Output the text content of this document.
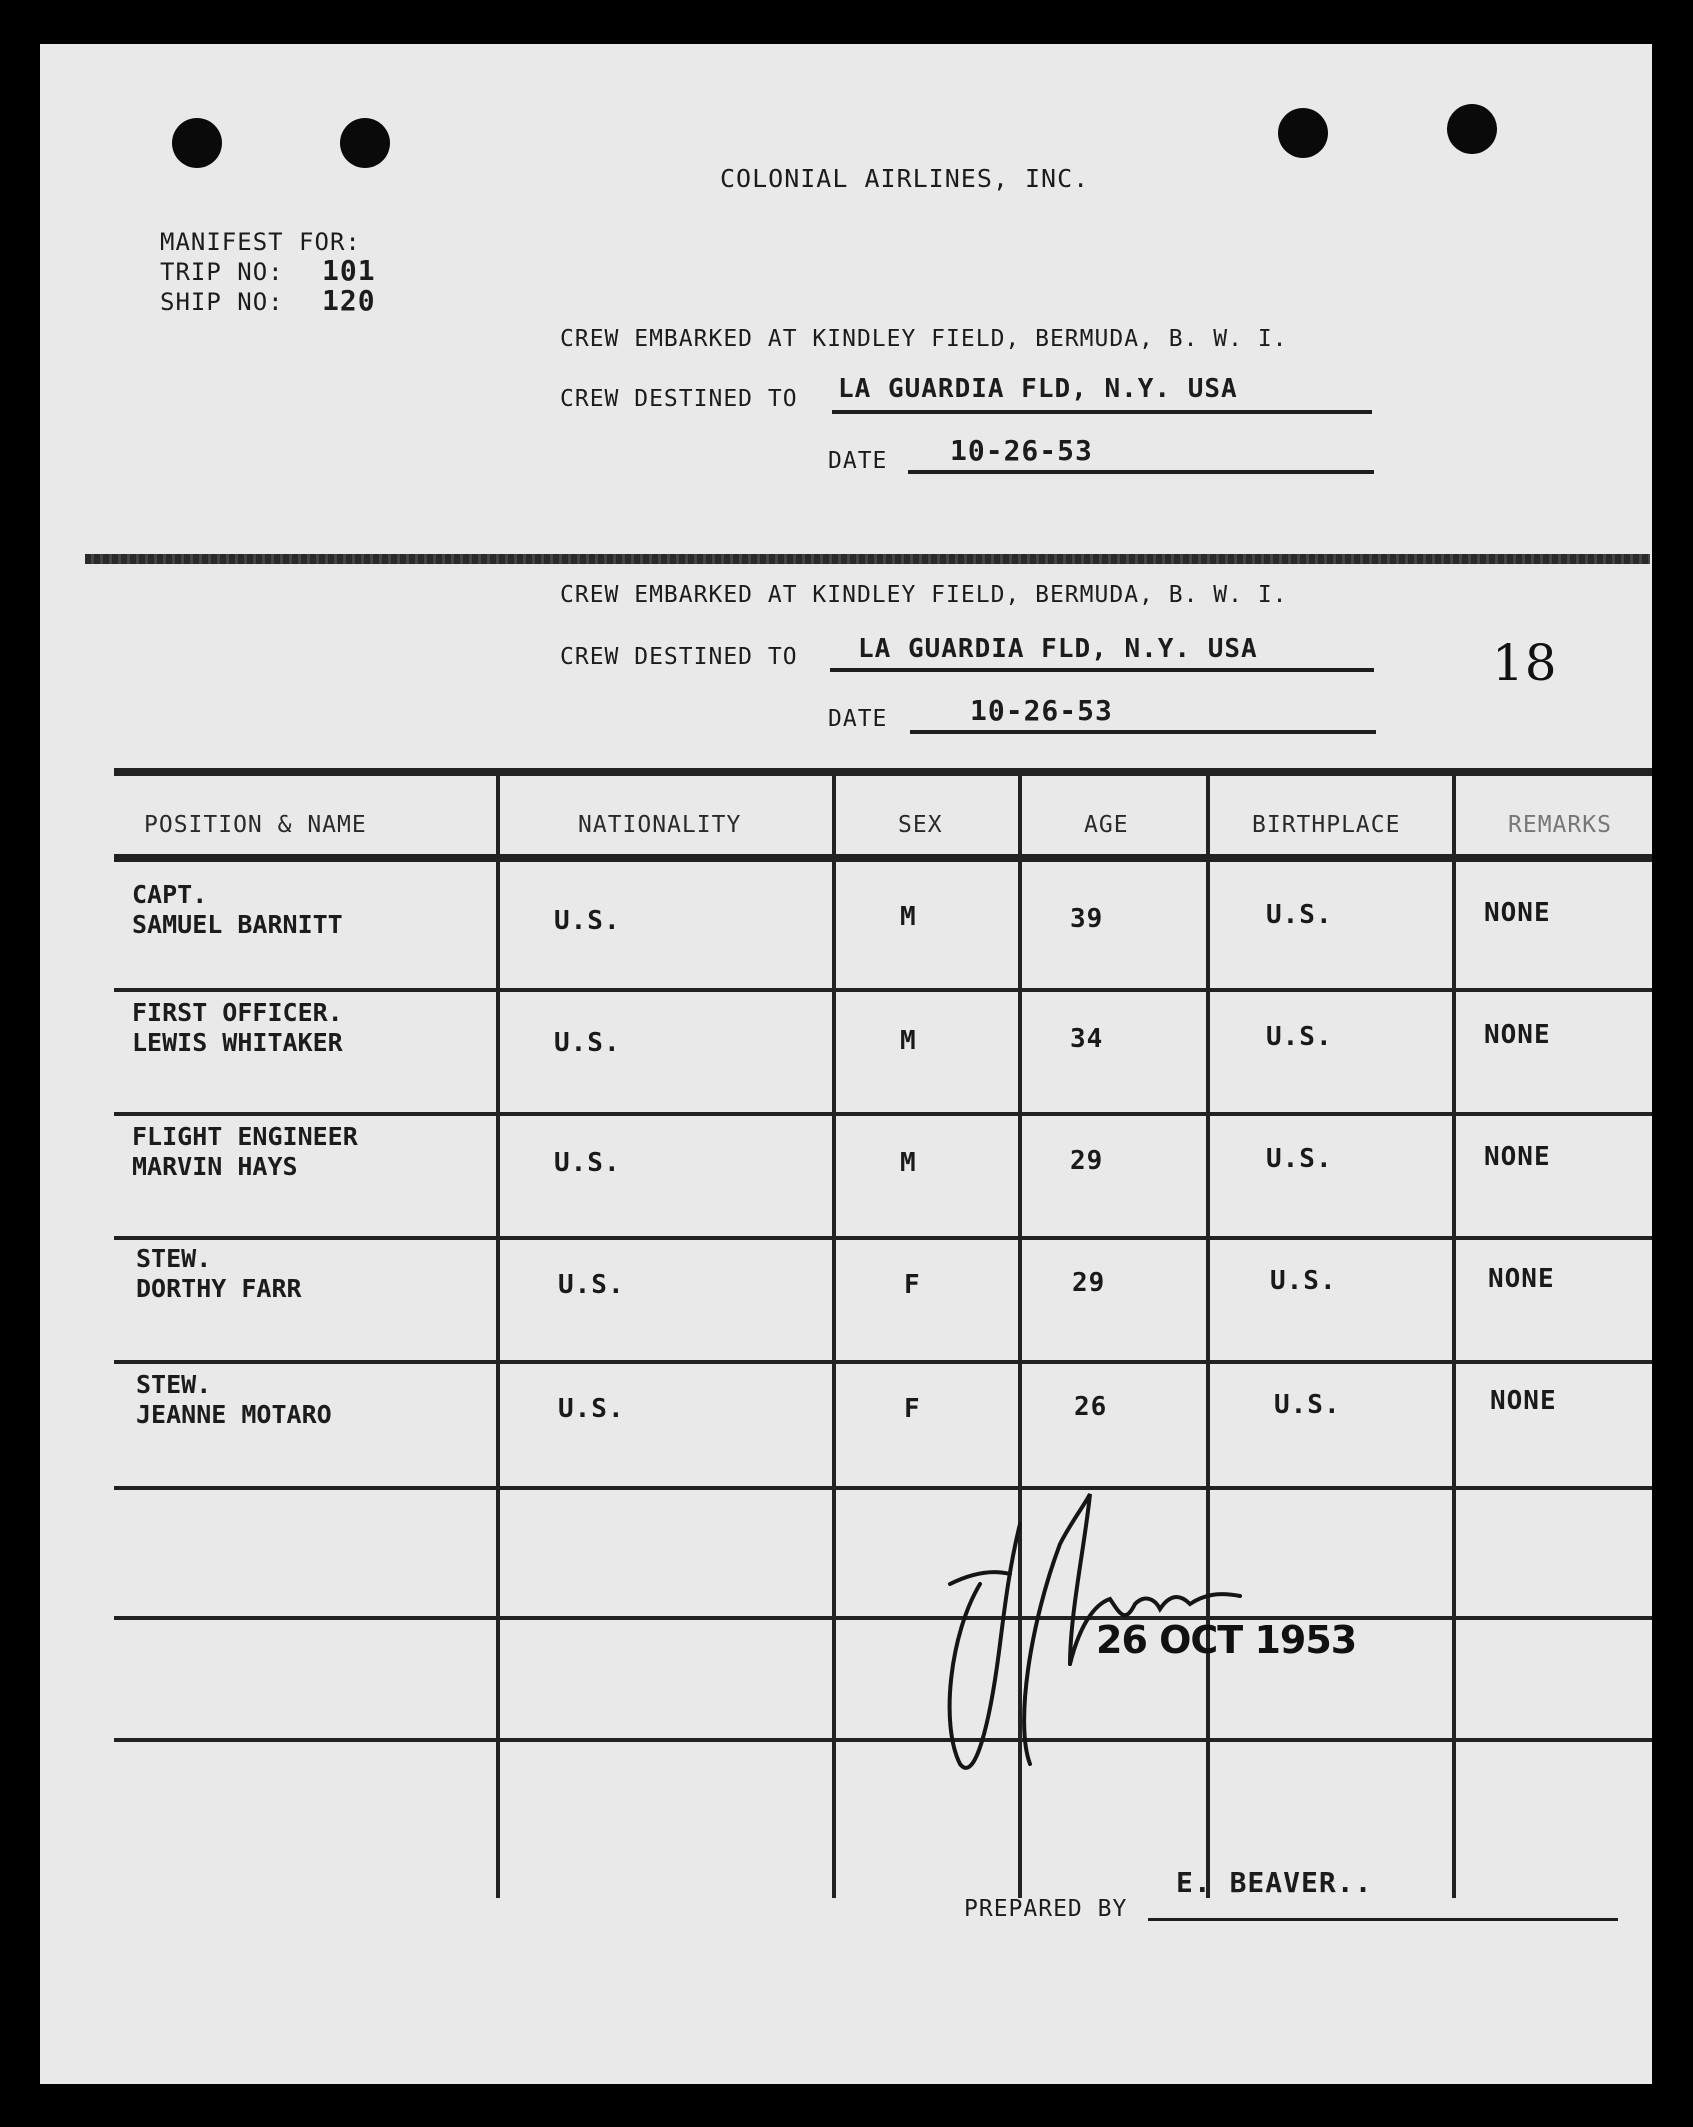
COLONIAL AIRLINES, INC.
MANIFEST FOR:
TRIP NO: 101
SHIP NO: 120
CREW EMBARKED AT KINDLEY FIELD, BERMUDA, B. W. I.
CREW DESTINED TO LA GUARDIA FLD, N.Y. USA
DATE 10-26-53
CREW EMBARKED AT KINDLEY FIELD, BERMUDA, B. W. I.
CREW DESTINED TO LA GUARDIA FLD, N.Y. USA
DATE	10-26-53
18
POSITION & NAME	NATIONALITY	SEX	AGE	BIRTHPLACE	REMARKS
CAPT.
SAMUEL BARNITT	U.S.	M	39	U.S.	NONE
FIRST OFFICER.
LEWIS WHITAKER	U.S.	M	34	U.S.	NONE
FLIGHT ENGINEER
MARVIN HAYS	U.S.	M	29	U.S.	NONE
STEW.
DORTHY FARR	U.S.	F	29	U.S.	NONE
STEW.
JEANNE MOTARO	U.S.	F	26	U.S.	NONE
26 OCT 1953
PREPARED BY
E. BEAVER..
